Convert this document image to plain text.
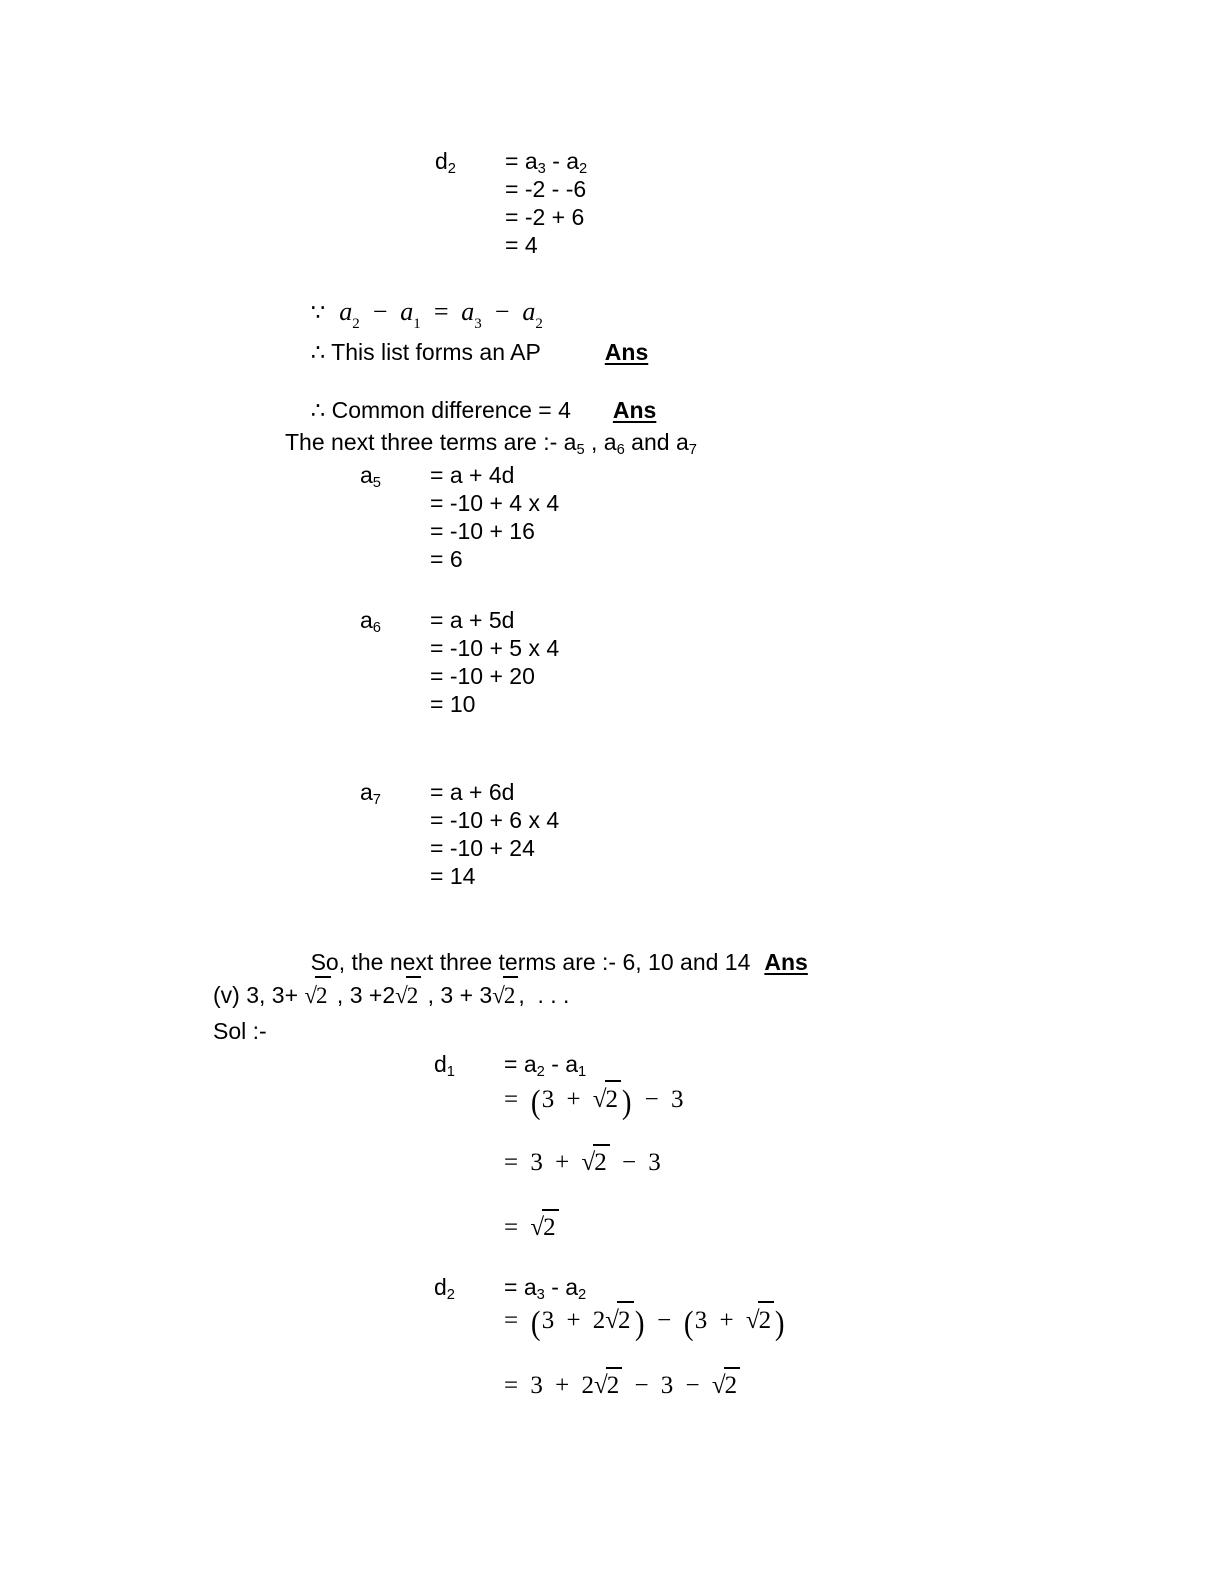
$d_2$	= $a_3 - a_2$
= -2 - -6
= -2 + 6
= 4

∵ $a_2 - a_1 = a_3 - a_2$

∴ This list forms an AP	Ans

∴ Common difference = 4 Ans

The next three terms are :- $a_5$ , $a_6$ and $a_7$
$a_5$	= a + 4d
= -10 + 4 x 4
= -10 + 16
= 6
$a_6$	= a + 5d
= -10 + 5 x 4
= -10 + 20
= 10
$a_7$	= a + 6d
= -10 + 6 x 4
= -10 + 24
= 14

So, the next three terms are :- 6, 10 and 14 Ans

(v) 3, 3+ √2 , 3 +2√2 , 3 + 3√2 ,  . . .
Sol :-
$d_1$	= $a_2 - a_1$
= (3 + √2 ) − 3
= 3 + √2 − 3
= √2
$d_2$	= $a_3 - a_2$
= (3 + 2√2 ) − (3 + √2 )
= 3 + 2√2 − 3 − √2
